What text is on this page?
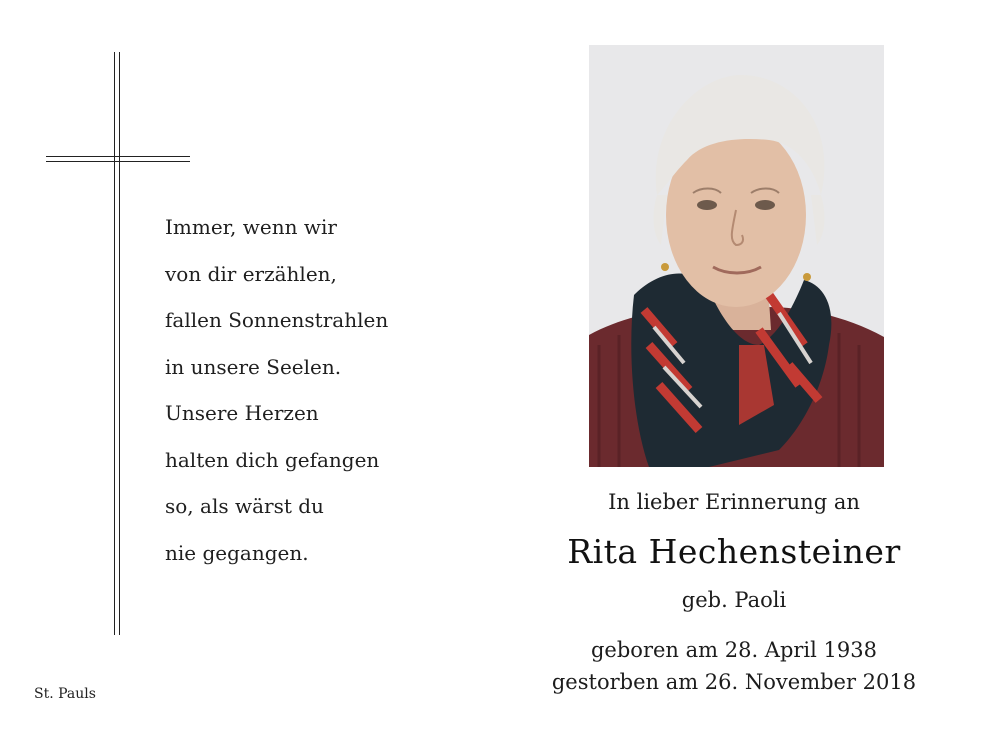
Immer, wenn wir
von dir erzählen,
fallen Sonnenstrahlen
in unsere Seelen.
Unsere Herzen
halten dich gefangen
so, als wärst du
nie gegangen.
St. Pauls
In lieber Erinnerung an
Rita Hechensteiner
geb. Paoli
geboren am 28. April 1938
gestorben am 26. November 2018
